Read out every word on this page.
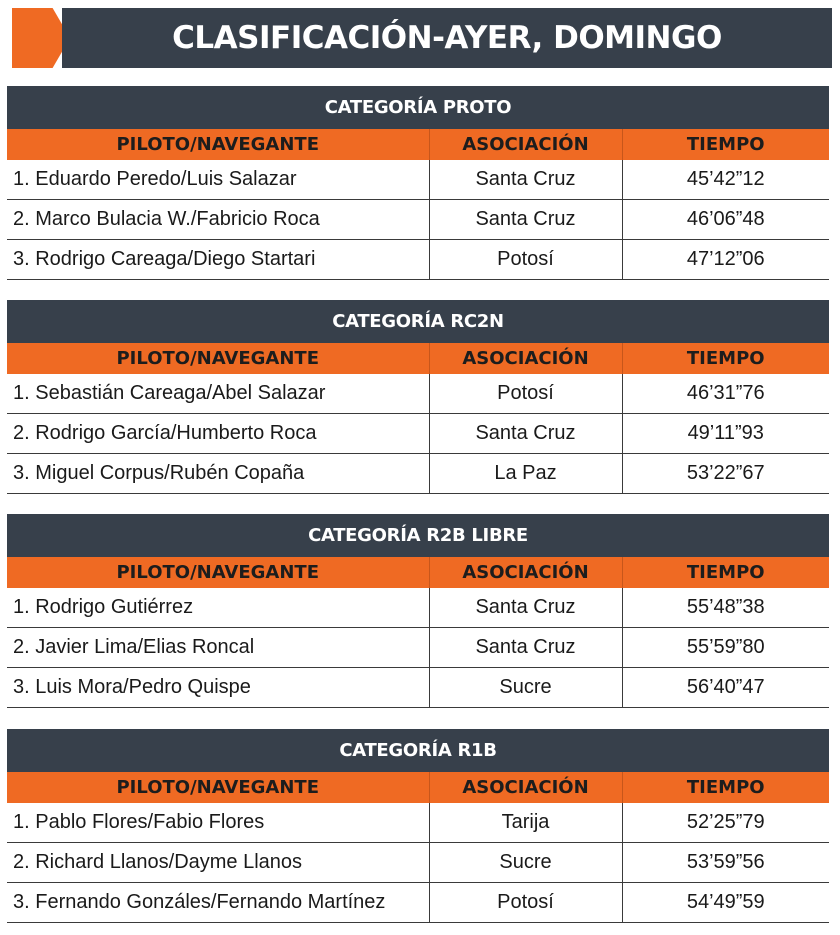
CLASIFICACIÓN-AYER, DOMINGO
CATEGORÍA PROTO
PILOTO/NAVEGANTE	ASOCIACIÓN	TIEMPO
1. Eduardo Peredo/Luis Salazar	Santa Cruz	45’42”12
2. Marco Bulacia W./Fabricio Roca	Santa Cruz	46’06”48
3. Rodrigo Careaga/Diego Startari	Potosí	47’12”06
CATEGORÍA RC2N
PILOTO/NAVEGANTE	ASOCIACIÓN	TIEMPO
1. Sebastián Careaga/Abel Salazar	Potosí	46’31”76
2. Rodrigo García/Humberto Roca	Santa Cruz	49’11”93
3. Miguel Corpus/Rubén Copaña	La Paz	53’22”67
CATEGORÍA R2B LIBRE
PILOTO/NAVEGANTE	ASOCIACIÓN	TIEMPO
1. Rodrigo Gutiérrez	Santa Cruz	55’48”38
2. Javier Lima/Elias Roncal	Santa Cruz	55’59”80
3. Luis Mora/Pedro Quispe	Sucre	56’40”47
CATEGORÍA R1B
PILOTO/NAVEGANTE	ASOCIACIÓN	TIEMPO
1. Pablo Flores/Fabio Flores	Tarija	52’25”79
2. Richard Llanos/Dayme Llanos	Sucre	53’59”56
3. Fernando Gonzáles/Fernando Martínez	Potosí	54’49”59
